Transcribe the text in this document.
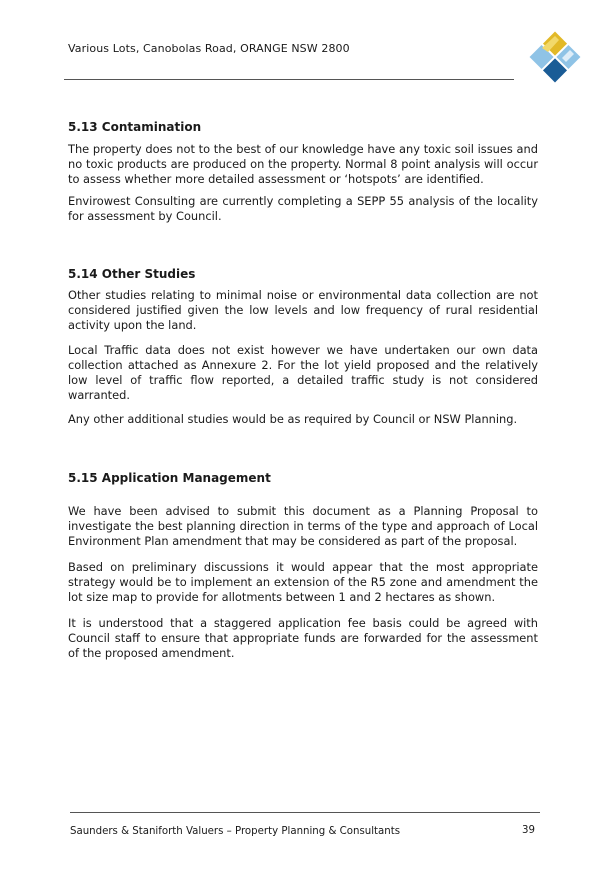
Various Lots, Canobolas Road, ORANGE NSW 2800
5.13 Contamination

The property does not to the best of our knowledge have any toxic soil issues and no toxic products are produced on the property. Normal 8 point analysis will occur to assess whether more detailed assessment or ‘hotspots’ are identified.

Envirowest Consulting are currently completing a SEPP 55 analysis of the locality for assessment by Council.

5.14 Other Studies

Other studies relating to minimal noise or environmental data collection are not considered justified given the low levels and low frequency of rural residential activity upon the land.

Local Traffic data does not exist however we have undertaken our own data collection attached as Annexure 2. For the lot yield proposed and the relatively low level of traffic flow reported, a detailed traffic study is not considered warranted.

Any other additional studies would be as required by Council or NSW Planning.

5.15 Application Management

We have been advised to submit this document as a Planning Proposal to investigate the best planning direction in terms of the type and approach of Local Environment Plan amendment that may be considered as part of the proposal.

Based on preliminary discussions it would appear that the most appropriate strategy would be to implement an extension of the R5 zone and amendment the lot size map to provide for allotments between 1 and 2 hectares as shown.

It is understood that a staggered application fee basis could be agreed with Council staff to ensure that appropriate funds are forwarded for the assessment of the proposed amendment.

Saunders & Staniforth Valuers – Property Planning & Consultants	39
